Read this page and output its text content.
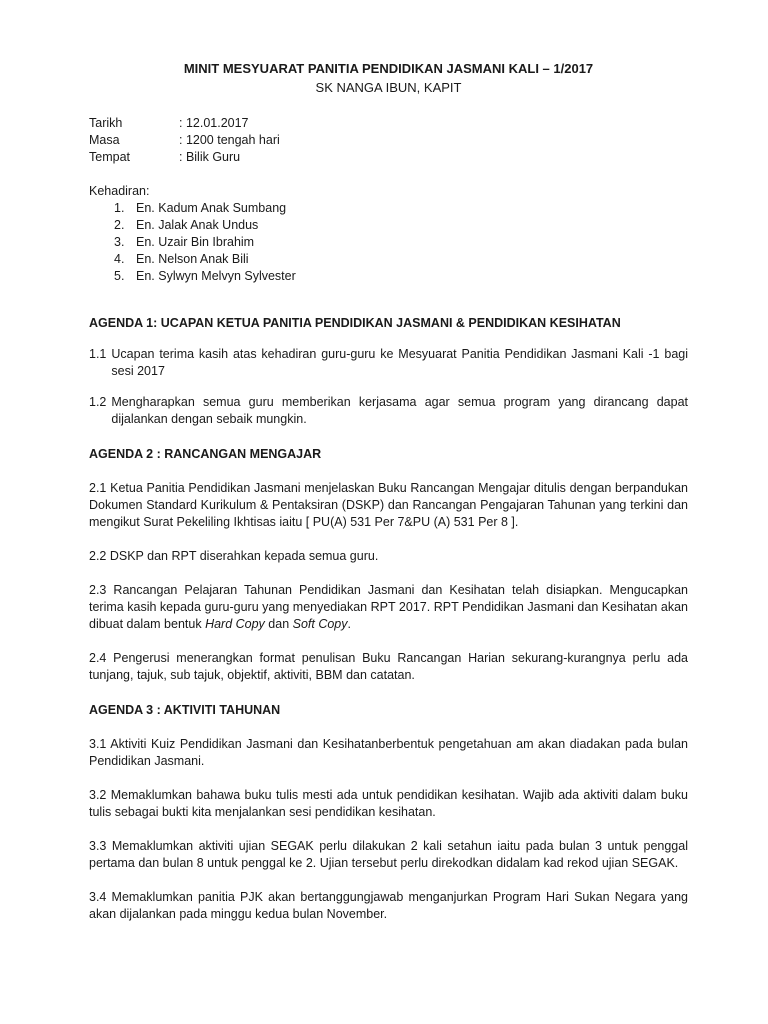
MINIT MESYUARAT PANITIA PENDIDIKAN JASMANI KALI – 1/2017
SK NANGA IBUN, KAPIT
Tarikh	: 12.01.2017
Masa	: 1200 tengah hari
Tempat	: Bilik Guru
Kehadiran:
1. En. Kadum Anak Sumbang
2. En. Jalak Anak Undus
3. En. Uzair Bin Ibrahim
4. En. Nelson Anak Bili
5. En. Sylwyn Melvyn Sylvester
AGENDA 1: UCAPAN KETUA PANITIA PENDIDIKAN JASMANI & PENDIDIKAN KESIHATAN
1.1 Ucapan terima kasih atas kehadiran guru-guru ke Mesyuarat Panitia Pendidikan Jasmani Kali -1 bagi sesi 2017
1.2 Mengharapkan semua guru memberikan kerjasama agar semua program yang dirancang dapat dijalankan dengan sebaik mungkin.
AGENDA 2 : RANCANGAN MENGAJAR
2.1 Ketua Panitia Pendidikan Jasmani menjelaskan Buku Rancangan Mengajar ditulis dengan berpandukan Dokumen Standard Kurikulum & Pentaksiran (DSKP) dan Rancangan Pengajaran Tahunan yang terkini dan mengikut Surat Pekeliling Ikhtisas iaitu [ PU(A) 531 Per 7&PU (A) 531 Per 8 ].
2.2 DSKP dan RPT diserahkan kepada semua guru.
2.3 Rancangan Pelajaran Tahunan Pendidikan Jasmani dan Kesihatan telah disiapkan. Mengucapkan terima kasih kepada guru-guru yang menyediakan RPT 2017. RPT Pendidikan Jasmani dan Kesihatan akan dibuat dalam bentuk Hard Copy dan Soft Copy.
2.4 Pengerusi menerangkan format penulisan Buku Rancangan Harian sekurang-kurangnya perlu ada tunjang, tajuk, sub tajuk, objektif, aktiviti, BBM dan catatan.
AGENDA 3 : AKTIVITI TAHUNAN
3.1 Aktiviti Kuiz Pendidikan Jasmani dan Kesihatanberbentuk pengetahuan am akan diadakan pada bulan Pendidikan Jasmani.
3.2 Memaklumkan bahawa buku tulis mesti ada untuk pendidikan kesihatan. Wajib ada aktiviti dalam buku tulis sebagai bukti kita menjalankan sesi pendidikan kesihatan.
3.3 Memaklumkan aktiviti ujian SEGAK perlu dilakukan 2 kali setahun iaitu pada bulan 3 untuk penggal pertama dan bulan 8 untuk penggal ke 2. Ujian tersebut perlu direkodkan didalam kad rekod ujian SEGAK.
3.4 Memaklumkan panitia PJK akan bertanggungjawab menganjurkan Program Hari Sukan Negara yang akan dijalankan pada minggu kedua bulan November.
